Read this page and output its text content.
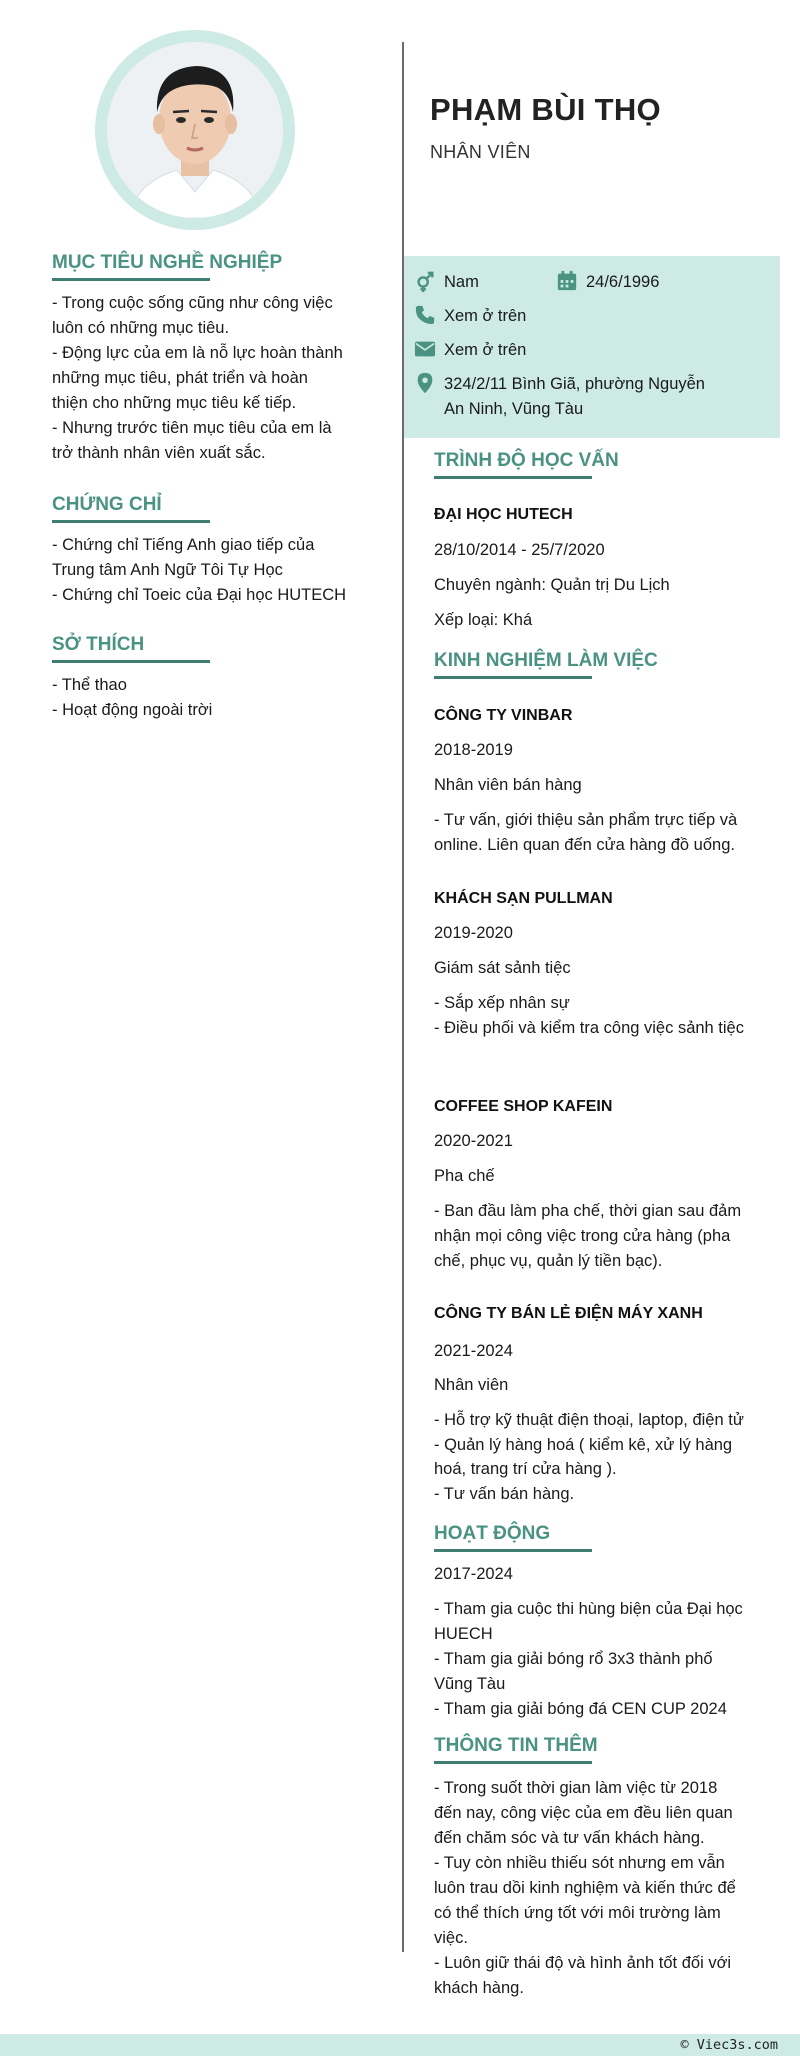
MỤC TIÊU NGHỀ NGHIỆP
- Trong cuộc sống cũng như công việc
luôn có những mục tiêu.
- Động lực của em là nỗ lực hoàn thành
những mục tiêu, phát triển và hoàn
thiện cho những mục tiêu kế tiếp.
- Nhưng trước tiên mục tiêu của em là
trở thành nhân viên xuất sắc.
CHỨNG CHỈ
- Chứng chỉ Tiếng Anh giao tiếp của
Trung tâm Anh Ngữ Tôi Tự Học
- Chứng chỉ Toeic của Đại học HUTECH
SỞ THÍCH
- Thể thao
- Hoạt động ngoài trời
PHẠM BÙI THỌ
NHÂN VIÊN
Nam	24/6/1996
Xem ở trên
Xem ở trên
324/2/11 Bình Giã, phường Nguyễn
An Ninh, Vũng Tàu
TRÌNH ĐỘ HỌC VẤN
ĐẠI HỌC HUTECH
28/10/2014 - 25/7/2020
Chuyên ngành: Quản trị Du Lịch
Xếp loại: Khá
KINH NGHIỆM LÀM VIỆC
CÔNG TY VINBAR
2018-2019
Nhân viên bán hàng
- Tư vấn, giới thiệu sản phẩm trực tiếp và
online. Liên quan đến cửa hàng đồ uống.
KHÁCH SẠN PULLMAN
2019-2020
Giám sát sảnh tiệc
- Sắp xếp nhân sự
- Điều phối và kiểm tra công việc sảnh tiệc
COFFEE SHOP KAFEIN
2020-2021
Pha chế
- Ban đầu làm pha chế, thời gian sau đảm
nhận mọi công việc trong cửa hàng (pha
chế, phục vụ, quản lý tiền bạc).
CÔNG TY BÁN LẺ ĐIỆN MÁY XANH
2021-2024
Nhân viên
- Hỗ trợ kỹ thuật điện thoại, laptop, điện tử
- Quản lý hàng hoá ( kiểm kê, xử lý hàng
hoá, trang trí cửa hàng ).
- Tư vấn bán hàng.
HOẠT ĐỘNG
2017-2024
- Tham gia cuộc thi hùng biện của Đại học
HUECH
- Tham gia giải bóng rổ 3x3 thành phố
Vũng Tàu
- Tham gia giải bóng đá CEN CUP 2024
THÔNG TIN THÊM
- Trong suốt thời gian làm việc từ 2018
đến nay, công việc của em đều liên quan
đến chăm sóc và tư vấn khách hàng.
- Tuy còn nhiều thiếu sót nhưng em vẫn
luôn trau dồi kinh nghiệm và kiến thức để
có thể thích ứng tốt với môi trường làm
việc.
- Luôn giữ thái độ và hình ảnh tốt đối với
khách hàng.
© Viec3s.com
